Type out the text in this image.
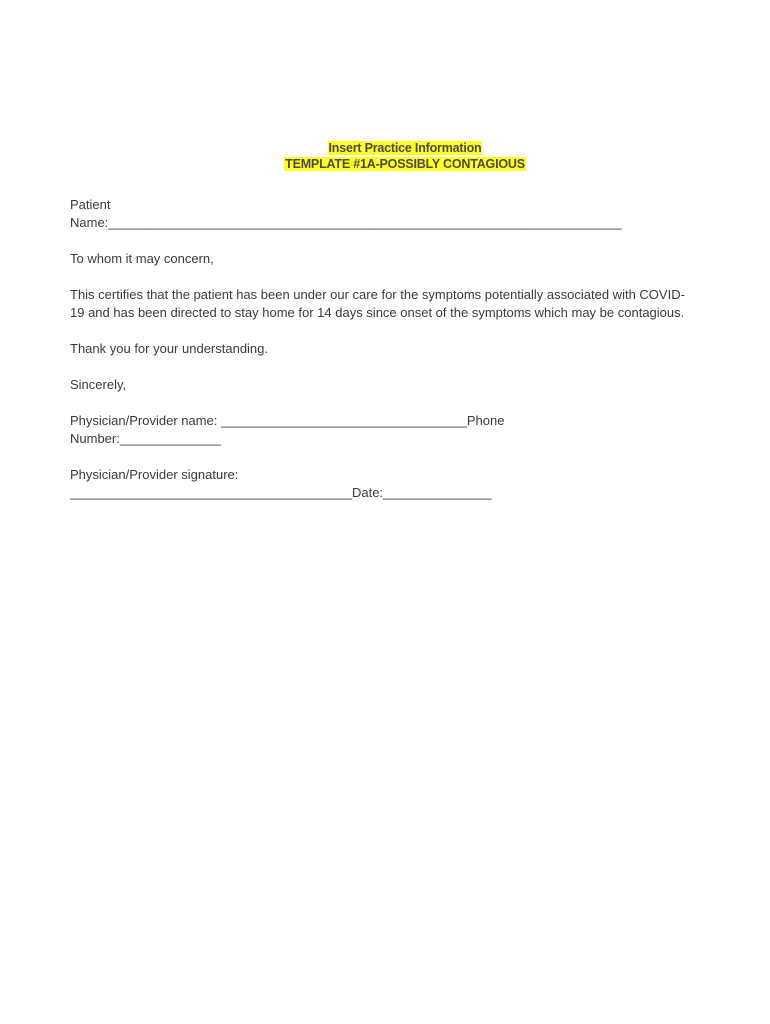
Insert Practice Information
TEMPLATE #1A-POSSIBLY CONTAGIOUS

Patient
Name:_______________________________________________________________________

To whom it may concern,

This certifies that the patient has been under our care for the symptoms potentially associated with COVID-19 and has been directed to stay home for 14 days since onset of the symptoms which may be contagious.

Thank you for your understanding.

Sincerely,

Physician/Provider name: __________________________________Phone
Number:______________

Physician/Provider signature:
_______________________________________Date:_______________
